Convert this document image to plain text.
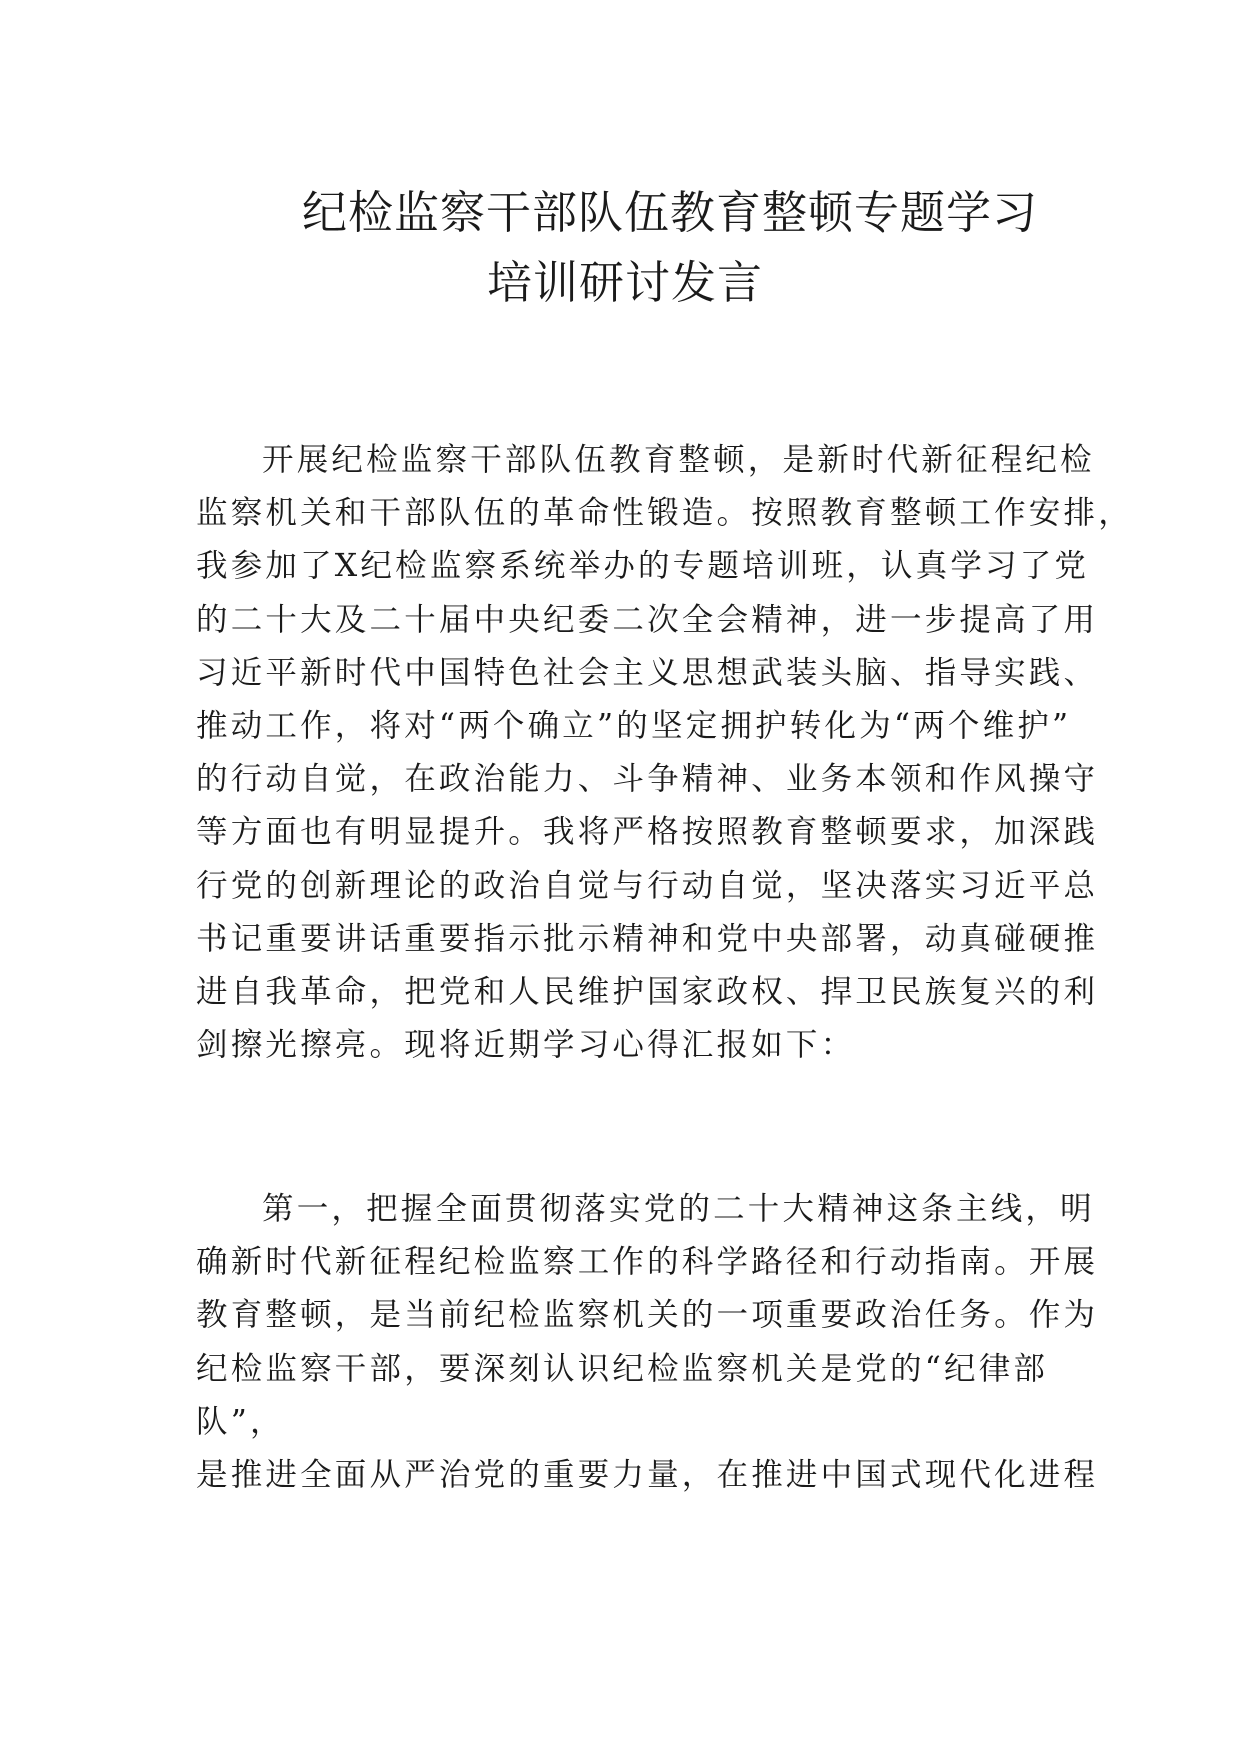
纪检监察干部队伍教育整顿专题学习
培训研讨发言
开展纪检监察干部队伍教育整顿，是新时代新征程纪检
监察机关和干部队伍的革命性锻造。按照教育整顿工作安排，
我参加了X纪检监察系统举办的专题培训班，认真学习了党
的二十大及二十届中央纪委二次全会精神，进一步提高了用
习近平新时代中国特色社会主义思想武装头脑、指导实践、
推动工作，将对“两个确立”的坚定拥护转化为“两个维护”
的行动自觉，在政治能力、斗争精神、业务本领和作风操守
等方面也有明显提升。我将严格按照教育整顿要求，加深践
行党的创新理论的政治自觉与行动自觉，坚决落实习近平总
书记重要讲话重要指示批示精神和党中央部署，动真碰硬推
进自我革命，把党和人民维护国家政权、捍卫民族复兴的利
剑擦光擦亮。现将近期学习心得汇报如下：
第一，把握全面贯彻落实党的二十大精神这条主线，明
确新时代新征程纪检监察工作的科学路径和行动指南。开展
教育整顿，是当前纪检监察机关的一项重要政治任务。作为
纪检监察干部，要深刻认识纪检监察机关是党的“纪律部
队”，
是推进全面从严治党的重要力量，在推进中国式现代化进程
